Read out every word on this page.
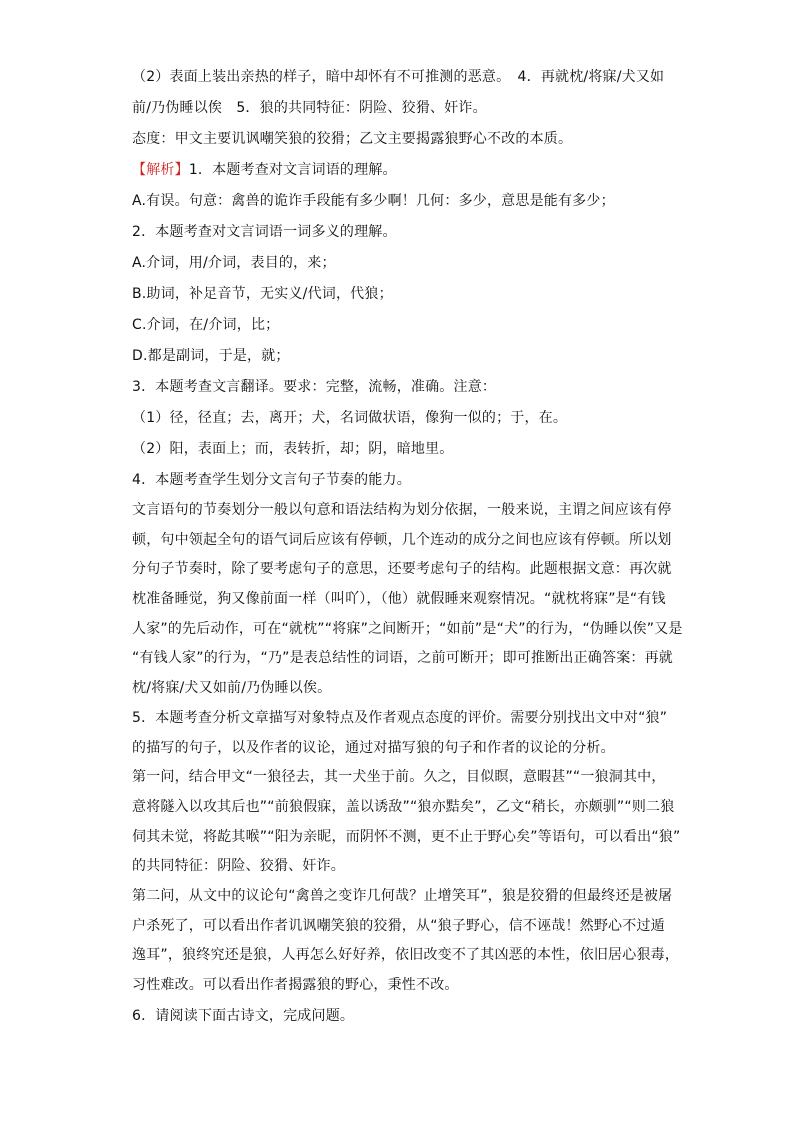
（2）表面上装出亲热的样子，暗中却怀有不可推测的恶意。　4．再就枕/将寐/犬又如
前/乃伪睡以俟　5．狼的共同特征：阴险、狡猾、奸诈。
态度：甲文主要讥讽嘲笑狼的狡猾；乙文主要揭露狼野心不改的本质。
【解析】1．本题考查对文言词语的理解。
A.有误。句意：禽兽的诡诈手段能有多少啊！几何：多少，意思是能有多少；
2．本题考查对文言词语一词多义的理解。
A.介词，用/介词，表目的，来；
B.助词，补足音节，无实义/代词，代狼；
C.介词，在/介词，比；
D.都是副词，于是，就；
3．本题考查文言翻译。要求：完整，流畅，准确。注意：
（1）径，径直；去，离开；犬，名词做状语，像狗一似的；于，在。
（2）阳，表面上；而，表转折，却；阴，暗地里。
4．本题考查学生划分文言句子节奏的能力。
文言语句的节奏划分一般以句意和语法结构为划分依据，一般来说，主谓之间应该有停
顿，句中领起全句的语气词后应该有停顿，几个连动的成分之间也应该有停顿。所以划
分句子节奏时，除了要考虑句子的意思，还要考虑句子的结构。此题根据文意：再次就
枕准备睡觉，狗又像前面一样（叫吖），（他）就假睡来观察情况。“就枕将寐”是“有钱
人家”的先后动作，可在“就枕”“将寐”之间断开；“如前”是“犬”的行为，“伪睡以俟”又是
“有钱人家”的行为，“乃”是表总结性的词语，之前可断开；即可推断出正确答案：再就
枕/将寐/犬又如前/乃伪睡以俟。
5．本题考查分析文章描写对象特点及作者观点态度的评价。需要分别找出文中对“狼”
的描写的句子，以及作者的议论，通过对描写狼的句子和作者的议论的分析。
第一问，结合甲文“一狼径去，其一犬坐于前。久之，目似瞑，意暇甚”“一狼洞其中，
意将隧入以攻其后也”“前狼假寐，盖以诱敌”“狼亦黠矣”，乙文“稍长，亦颇驯”“则二狼
伺其未觉，将龁其喉”“阳为亲昵，而阴怀不测，更不止于野心矣”等语句，可以看出“狼”
的共同特征：阴险、狡猾、奸诈。
第二问，从文中的议论句“禽兽之变诈几何哉？止增笑耳”，狼是狡猾的但最终还是被屠
户杀死了，可以看出作者讥讽嘲笑狼的狡猾，从“狼子野心，信不诬哉！然野心不过遁
逸耳”，狼终究还是狼，人再怎么好好养，依旧改变不了其凶恶的本性，依旧居心狠毒，
习性难改。可以看出作者揭露狼的野心，秉性不改。
6．请阅读下面古诗文，完成问题。
